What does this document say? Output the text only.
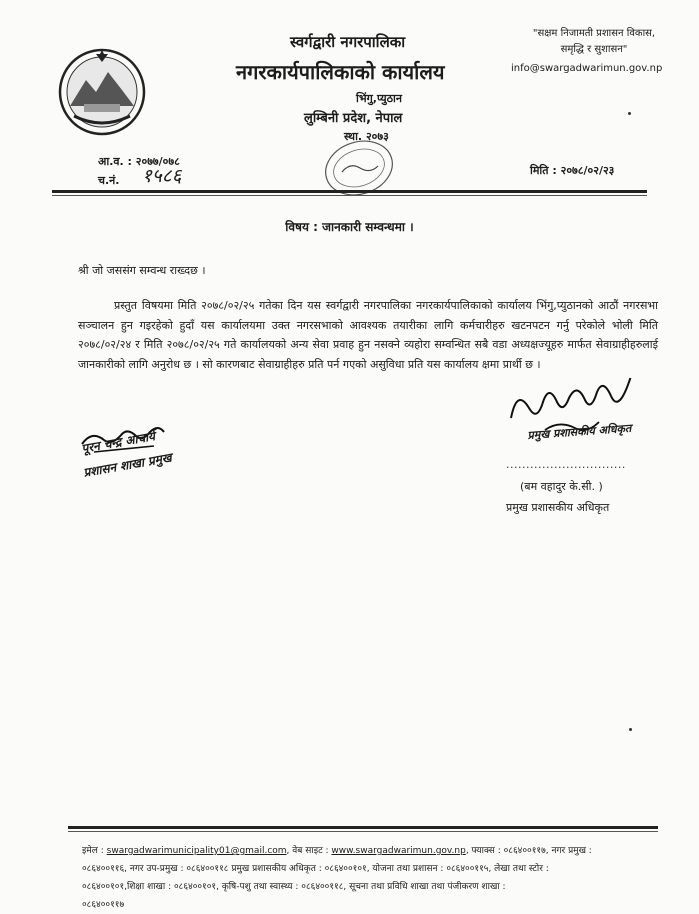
स्वर्गद्वारी नगरपालिका
नगरकार्यपालिकाको कार्यालय
भिंगु,प्युठान
लुम्बिनी प्रदेश, नेपाल
स्था. २०७३
"सक्षम निजामती प्रशासन विकास,
समृद्धि र सुशासन"
info@swargadwarimun.gov.np
आ.व. : २०७७/०७८
च.नं. १५८६	मिति : २०७८/०२/२३
विषय : जानकारी सम्वन्धमा ।
श्री जो जससंग सम्वन्ध राख्दछ ।
प्रस्तुत विषयमा मिति २०७८/०२/२५ गतेका दिन यस स्वर्गद्वारी नगरपालिका नगरकार्यपालिकाको कार्यालय भिंगु,प्युठानको आठौं नगरसभा सञ्चालन हुन गइरहेको हुदाँ यस कार्यालयमा उक्त नगरसभाको आवश्यक तयारीका लागि कर्मचारीहरु खटनपटन गर्नु परेकोले भोली मिति २०७८/०२/२४ र मिति २०७८/०२/२५ गते कार्यालयको अन्य सेवा प्रवाह हुन नसक्ने व्यहोरा सम्वन्धित सबै वडा अध्यक्षज्यूहरु मार्फत सेवाग्राहीहरुलाई जानकारीको लागि अनुरोध छ । सो कारणबाट सेवाग्राहीहरु प्रति पर्न गएको असुविधा प्रति यस कार्यालय क्षमा प्रार्थी छ ।
पूरन चन्द्र आचार्य
प्रशासन शाखा प्रमुख
प्रमुख प्रशासकीय अधिकृत
..............................
(बम वहादुर के.सी. )
प्रमुख प्रशासकीय अधिकृत
इमेल : swargadwarimunicipality01@gmail.com, वेब साइट : www.swargadwarimun.gov.np, फ्याक्स : ०८६४००११७, नगर प्रमुख :
०८६४००११६, नगर उप-प्रमुख : ०८६४००११८ प्रमुख प्रशासकीय अधिकृत : ०८६४००१०१, योजना तथा प्रशासन : ०८६४००११५, लेखा तथा स्टोर :
०८६४००१०१,शिक्षा शाखा : ०८६४००१०१, कृषि-पशु तथा स्वास्थ्य : ०८६४००११८, सूचना तथा प्रविधि शाखा तथा पंजीकरण शाखा :
०८६४००११७
